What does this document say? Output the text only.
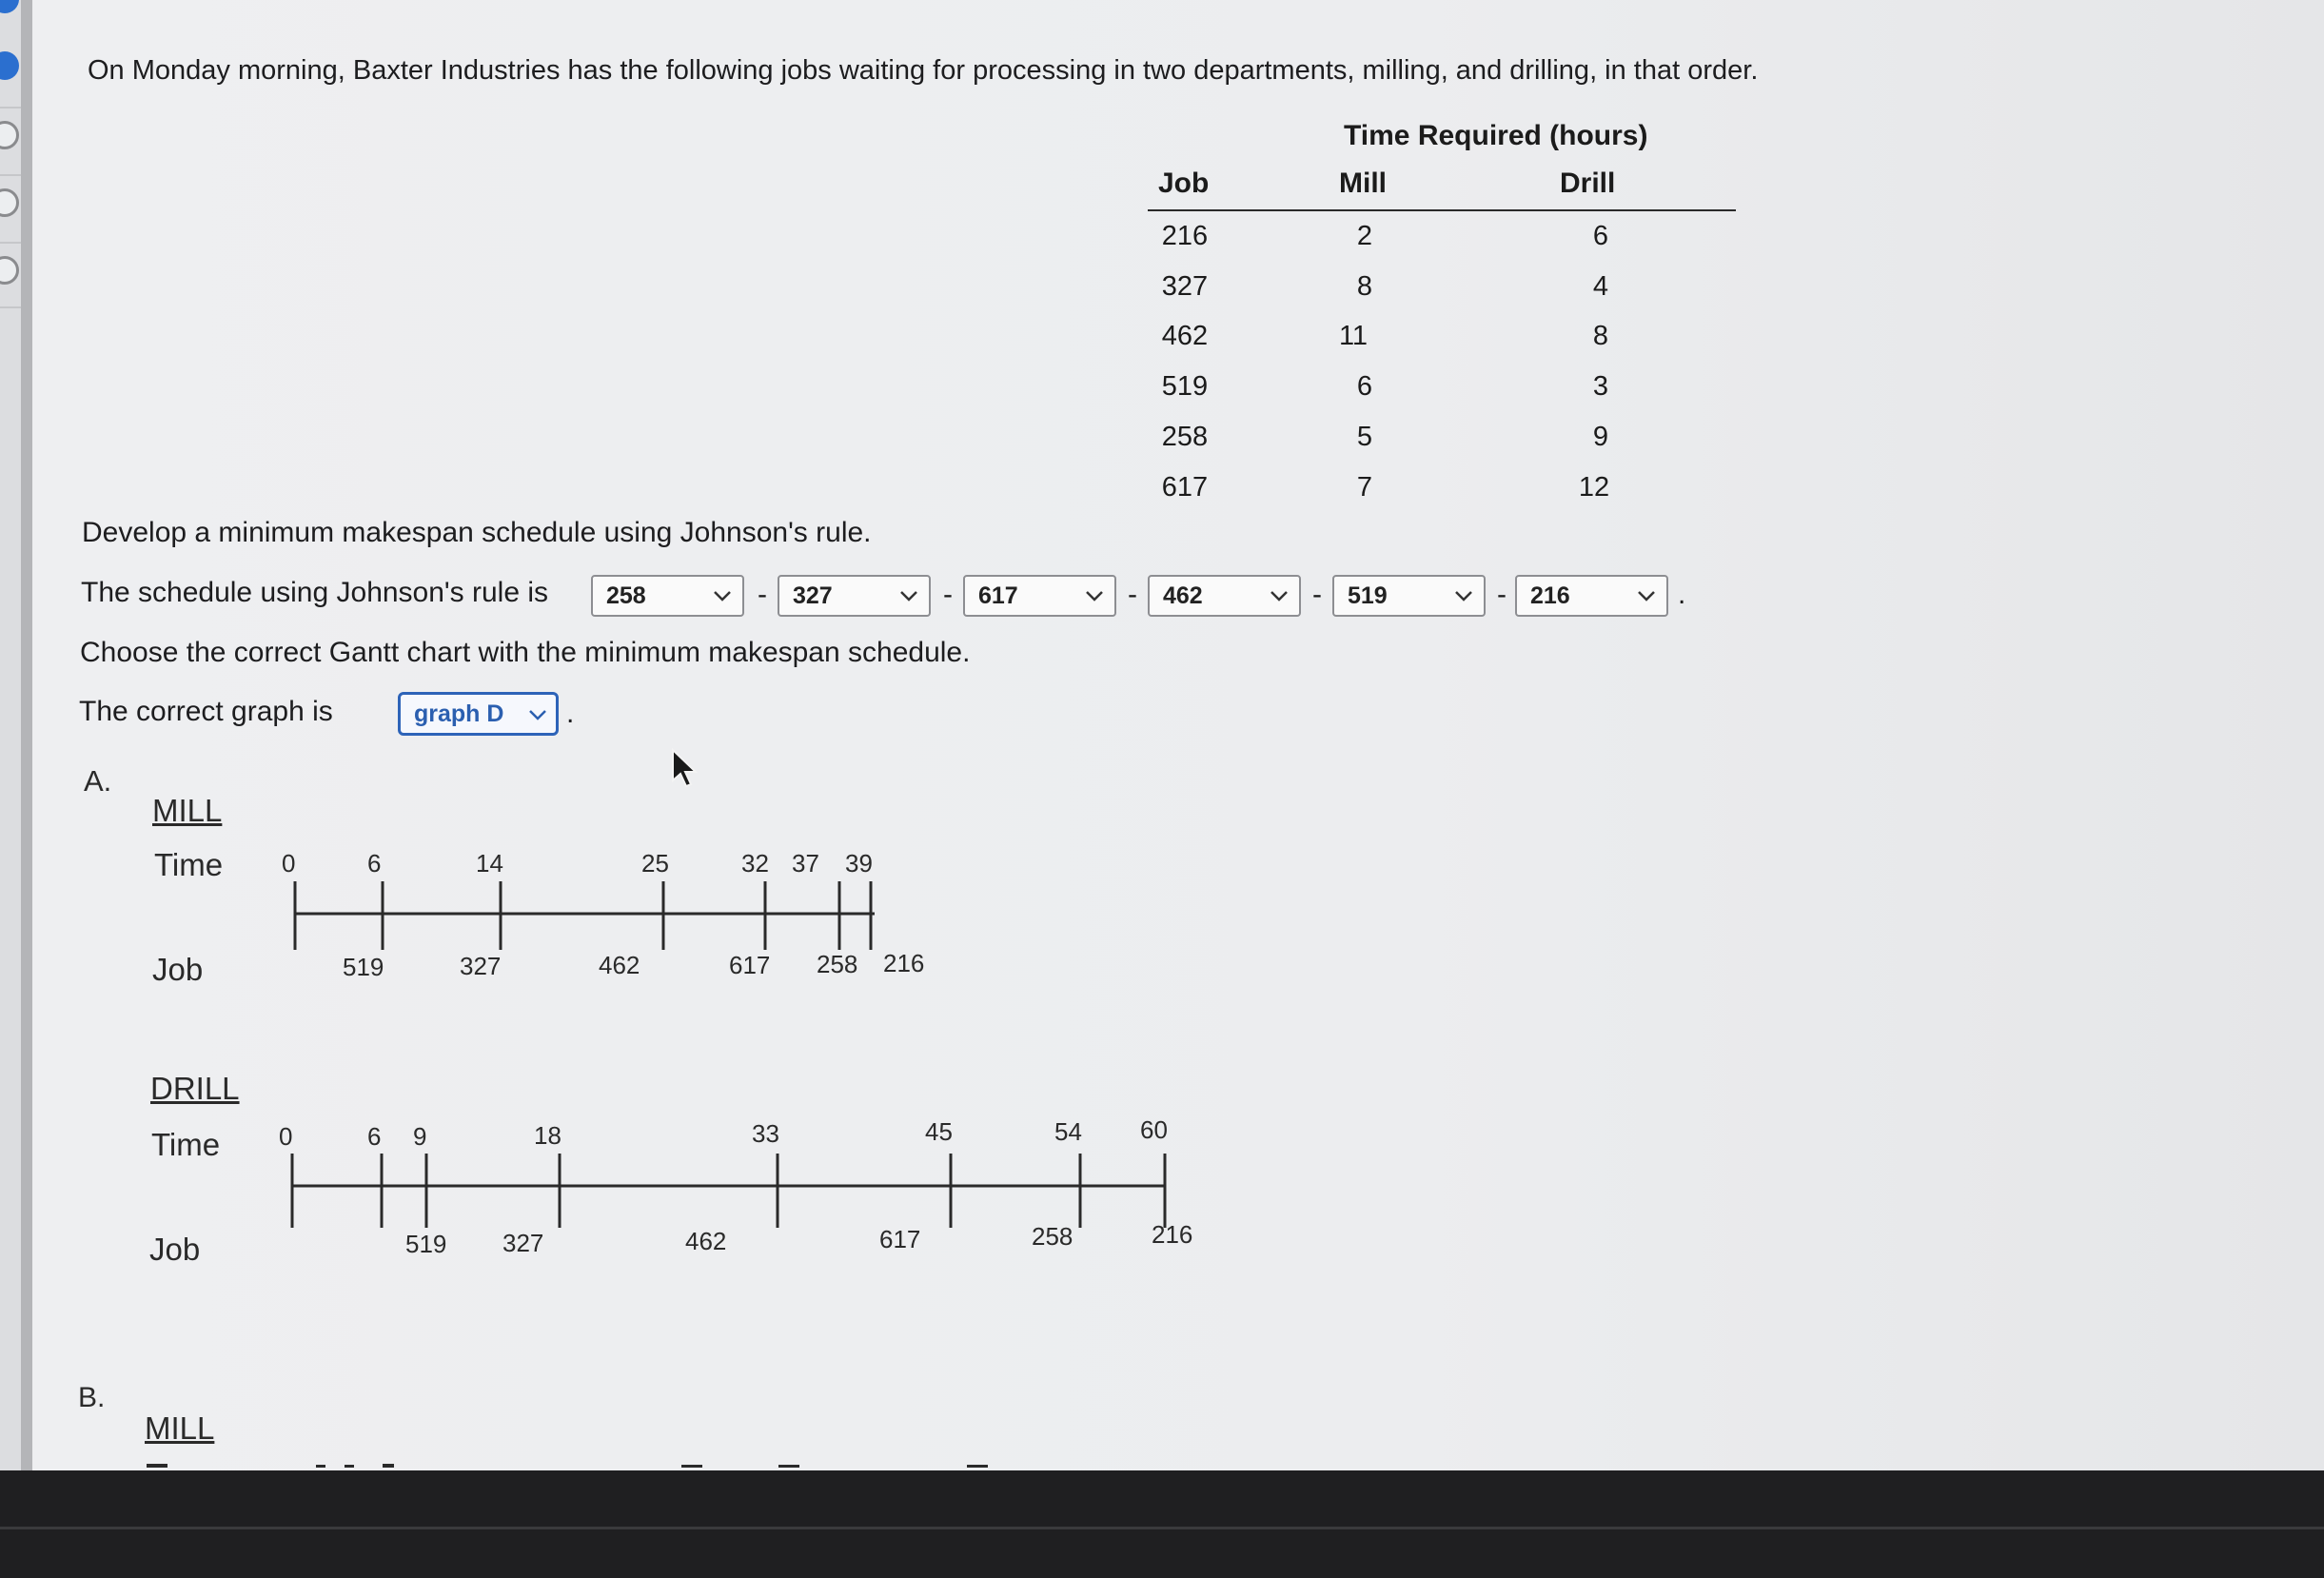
On Monday morning, Baxter Industries has the following jobs waiting for processing in two departments, milling, and drilling, in that order.
Time Required (hours)
Job	Mill	Drill
216	2	6
327	8	4
462	11	8
519	6	3
258	5	9
617	7	12
Develop a minimum makespan schedule using Johnson's rule.
The schedule using Johnson's rule is	258	-	327	-	617	-	462	-	519	-	216	.
Choose the correct Gantt chart with the minimum makespan schedule.
The correct graph is	graph D	.
A.
MILL
Time
Job
0	6	14	25	32 37 39
519	327	462	617 258 216
DRILL
Time
Job
0	6 9	18	33	45	54 60
519 327	462	617	258	216
B.
MILL
